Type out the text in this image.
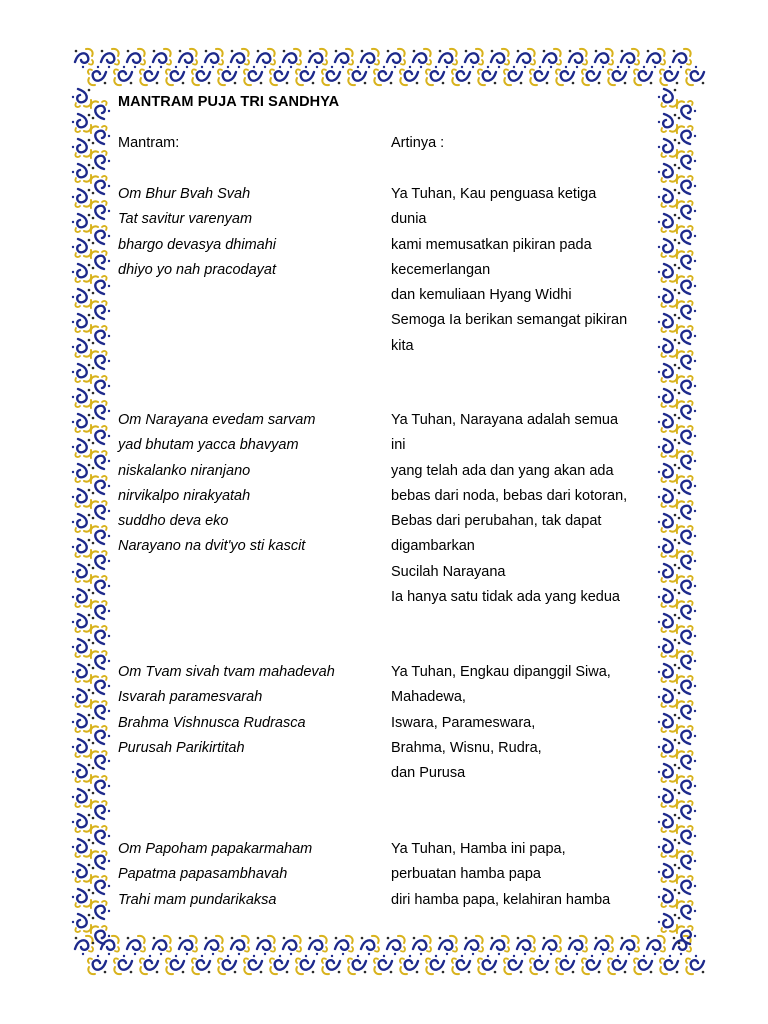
MANTRAM PUJA TRI SANDHYA
Mantram:	Artinya :
Om Bhur Bvah Svah
Tat savitur varenyam
bhargo devasya dhimahi
dhiyo yo nah pracodayat
Ya Tuhan, Kau penguasa ketiga
dunia
kami memusatkan pikiran pada
kecemerlangan
dan kemuliaan Hyang Widhi
Semoga Ia berikan semangat pikiran
kita
Om Narayana evedam sarvam
yad bhutam yacca bhavyam
niskalanko niranjano
nirvikalpo nirakyatah
suddho deva eko
Narayano na dvit'yo sti kascit
Ya Tuhan, Narayana adalah semua
ini
yang telah ada dan yang akan ada
bebas dari noda, bebas dari kotoran,
Bebas dari perubahan, tak dapat
digambarkan
Sucilah Narayana
Ia hanya satu tidak ada yang kedua
Om Tvam sivah tvam mahadevah
Isvarah paramesvarah
Brahma Vishnusca Rudrasca
Purusah Parikirtitah
Ya Tuhan, Engkau dipanggil Siwa,
Mahadewa,
Iswara, Parameswara,
Brahma, Wisnu, Rudra,
dan Purusa
Om Papoham papakarmaham
Papatma papasambhavah
Trahi mam pundarikaksa
Ya Tuhan, Hamba ini papa,
perbuatan hamba papa
diri hamba papa, kelahiran hamba
